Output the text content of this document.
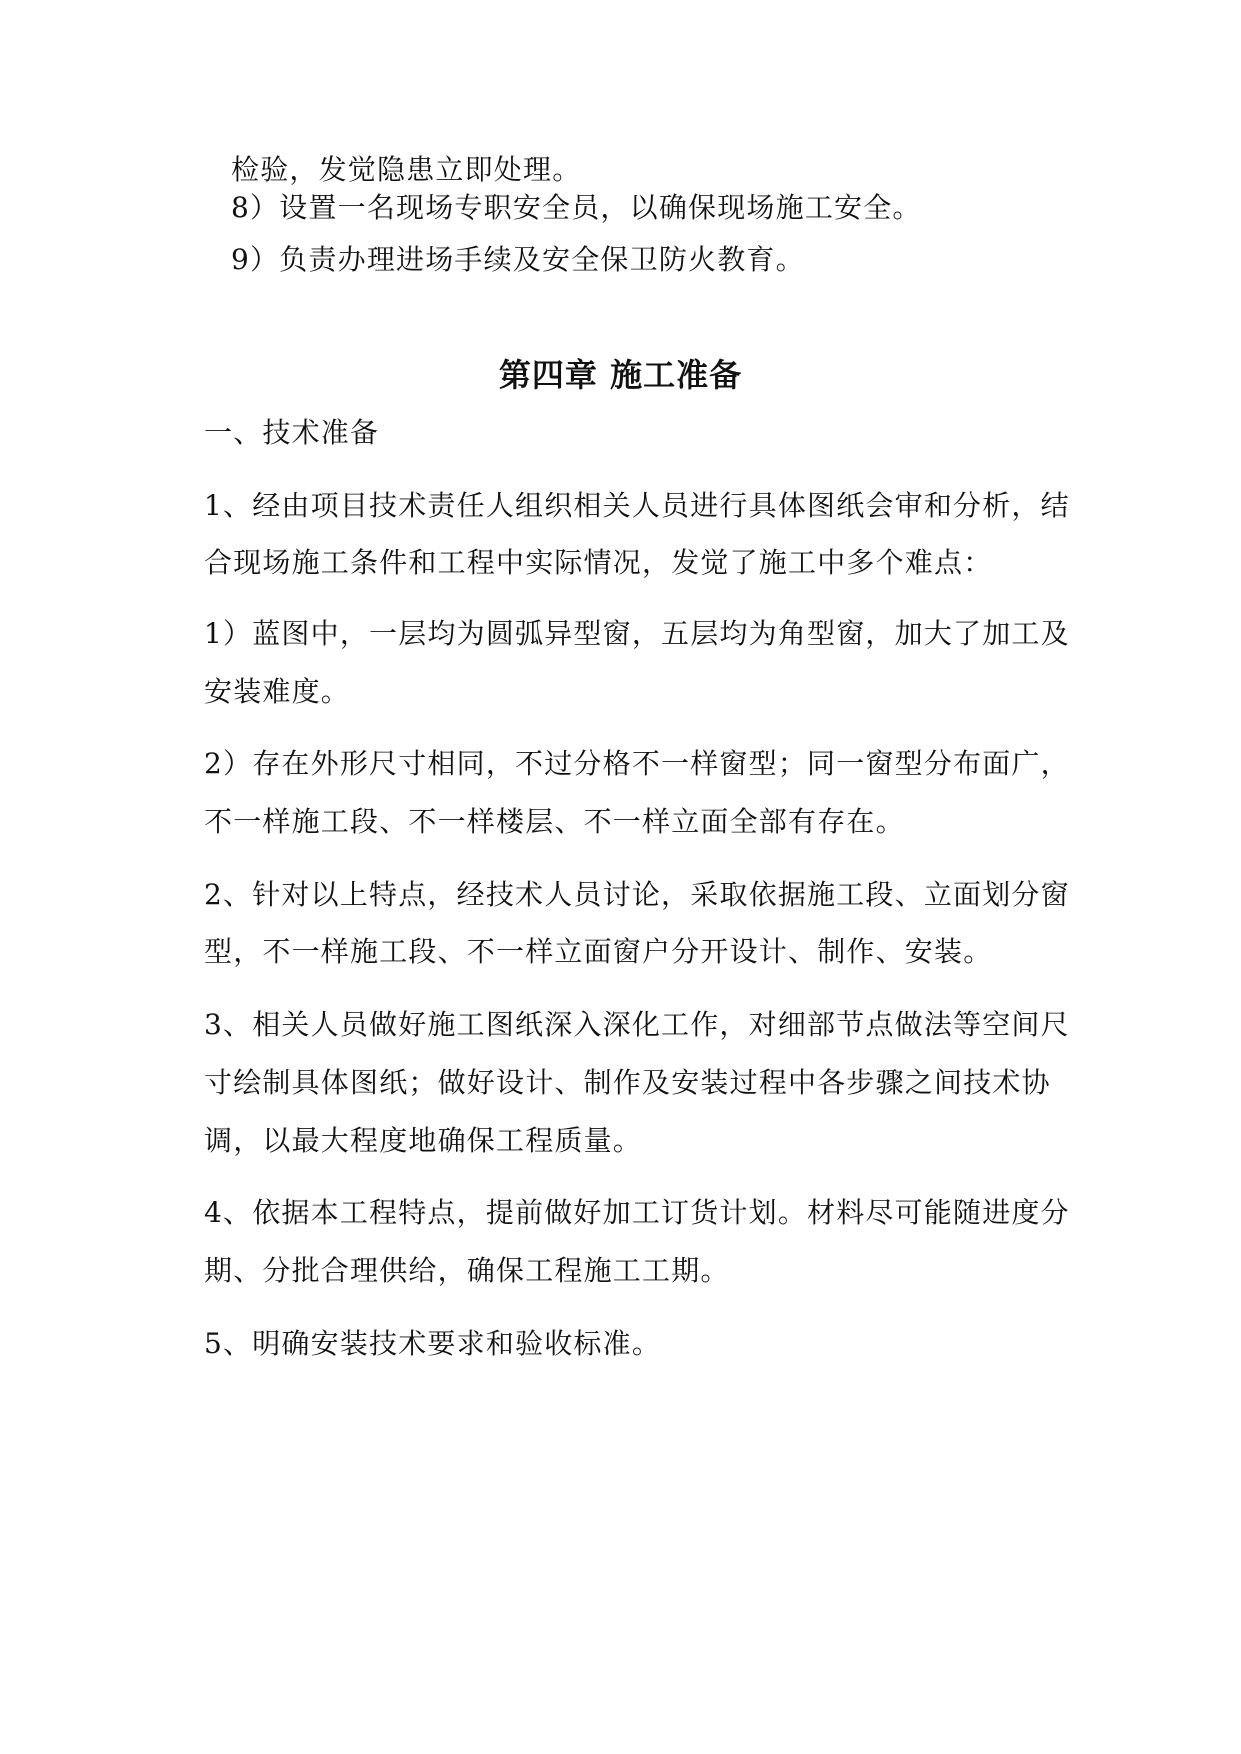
检验，发觉隐患立即处理。
8）设置一名现场专职安全员，以确保现场施工安全。
9）负责办理进场手续及安全保卫防火教育。
第四章 施工准备
一、技术准备
1、经由项目技术责任人组织相关人员进行具体图纸会审和分析，结
合现场施工条件和工程中实际情况，发觉了施工中多个难点：
1）蓝图中，一层均为圆弧异型窗，五层均为角型窗，加大了加工及
安装难度。
2）存在外形尺寸相同，不过分格不一样窗型；同一窗型分布面广，
不一样施工段、不一样楼层、不一样立面全部有存在。
2、针对以上特点，经技术人员讨论，采取依据施工段、立面划分窗
型，不一样施工段、不一样立面窗户分开设计、制作、安装。
3、相关人员做好施工图纸深入深化工作，对细部节点做法等空间尺
寸绘制具体图纸；做好设计、制作及安装过程中各步骤之间技术协
调，以最大程度地确保工程质量。
4、依据本工程特点，提前做好加工订货计划。材料尽可能随进度分
期、分批合理供给，确保工程施工工期。
5、明确安装技术要求和验收标准。
